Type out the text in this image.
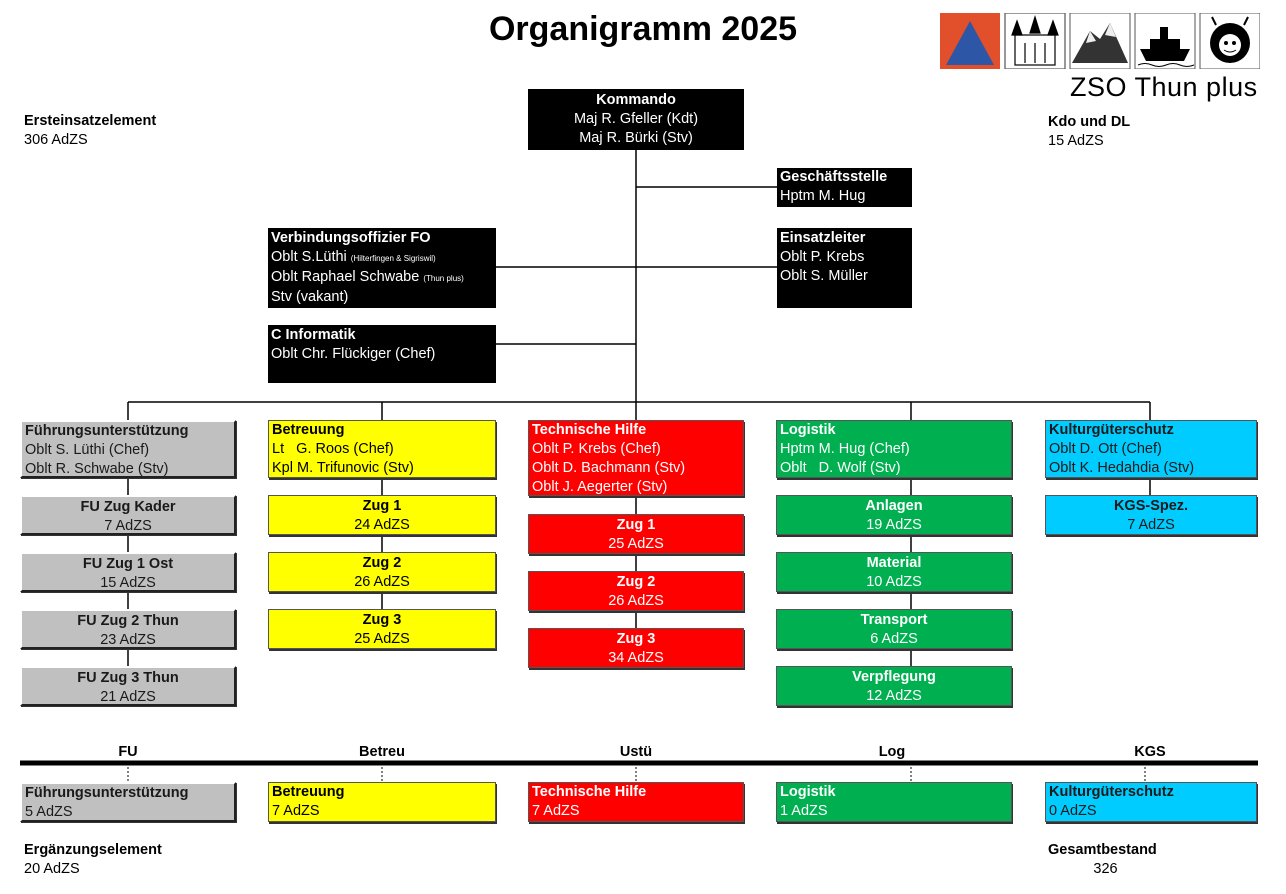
Organigramm 2025
ZSO Thun plus
Ersteinsatzelement
306 AdZS
Kdo und DL
15 AdZS
Kommando
Maj R. Gfeller (Kdt)
Maj R. Bürki (Stv)
Geschäftsstelle
Hptm M. Hug
Einsatzleiter
Oblt P. Krebs
Oblt S. Müller
Verbindungsoffizier FO
Oblt S.Lüthi (Hilterfingen & Sigriswil)
Oblt Raphael Schwabe (Thun plus)
Stv (vakant)
C Informatik
Oblt Chr. Flückiger (Chef)
Führungsunterstützung
Oblt S. Lüthi (Chef)
Oblt R. Schwabe (Stv)
FU Zug Kader
7 AdZS
FU Zug 1 Ost
15 AdZS
FU Zug 2 Thun
23 AdZS
FU Zug 3 Thun
21 AdZS
Betreuung
Lt   G. Roos (Chef)
Kpl M. Trifunovic (Stv)
Zug 1
24 AdZS
Zug 2
26 AdZS
Zug 3
25 AdZS
Technische Hilfe
Oblt P. Krebs (Chef)
Oblt D. Bachmann (Stv)
Oblt J. Aegerter (Stv)
Zug 1
25 AdZS
Zug 2
26 AdZS
Zug 3
34 AdZS
Logistik
Hptm M. Hug (Chef)
Oblt   D. Wolf (Stv)
Anlagen
19 AdZS
Material
10 AdZS
Transport
6 AdZS
Verpflegung
12 AdZS
Kulturgüterschutz
Oblt D. Ott (Chef)
Oblt K. Hedahdia (Stv)
KGS-Spez.
7 AdZS
FU	Betreu	Ustü	Log	KGS
Führungsunterstützung
5 AdZS
Betreuung
7 AdZS
Technische Hilfe
7 AdZS
Logistik
1 AdZS
Kulturgüterschutz
0 AdZS
Ergänzungselement
20 AdZS
Gesamtbestand
326
